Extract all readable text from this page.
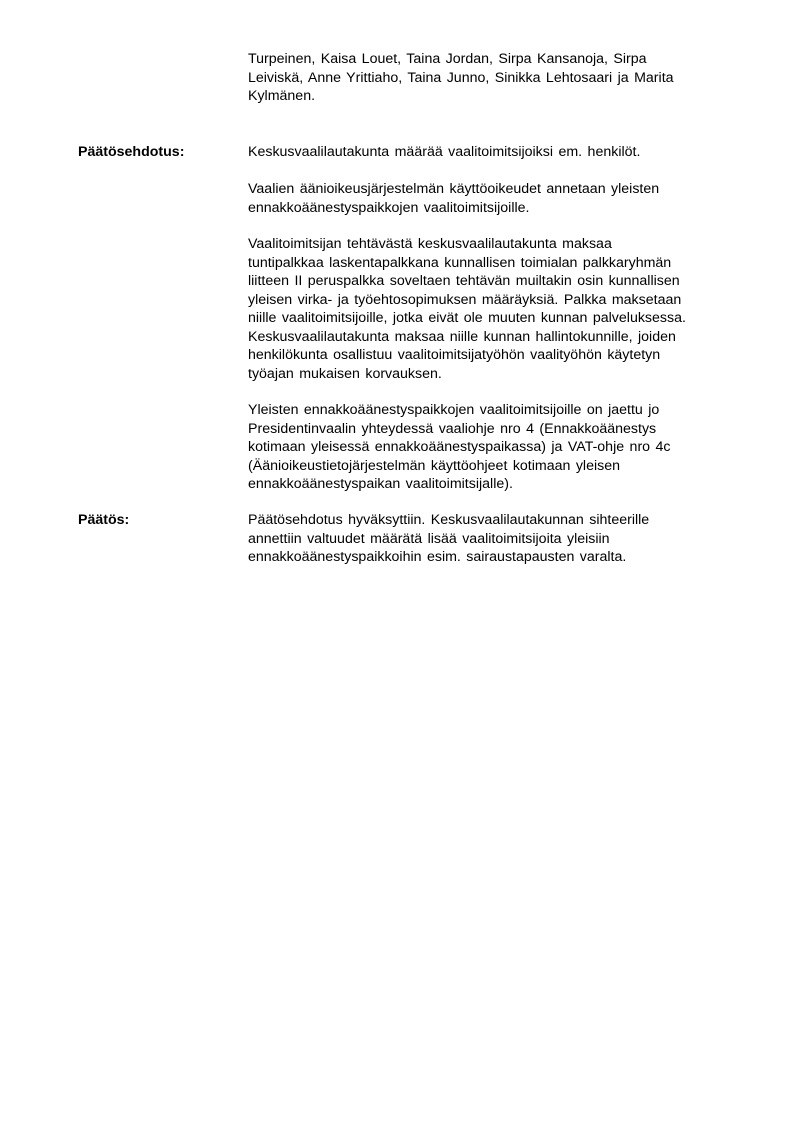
Turpeinen, Kaisa Louet, Taina Jordan, Sirpa Kansanoja, Sirpa
Leiviskä, Anne Yrittiaho, Taina Junno, Sinikka Lehtosaari ja Marita
Kylmänen.
Päätösehdotus:	Keskusvaalilautakunta määrää vaalitoimitsijoiksi em. henkilöt.
Vaalien äänioikeusjärjestelmän käyttöoikeudet annetaan yleisten
ennakkoäänestyspaikkojen vaalitoimitsijoille.
Vaalitoimitsijan tehtävästä keskusvaalilautakunta maksaa
tuntipalkkaa laskentapalkkana kunnallisen toimialan palkkaryhmän
liitteen II peruspalkka soveltaen tehtävän muiltakin osin kunnallisen
yleisen virka- ja työehtosopimuksen määräyksiä. Palkka maksetaan
niille vaalitoimitsijoille, jotka eivät ole muuten kunnan palveluksessa.
Keskusvaalilautakunta maksaa niille kunnan hallintokunnille, joiden
henkilökunta osallistuu vaalitoimitsijatyöhön vaalityöhön käytetyn
työajan mukaisen korvauksen.
Yleisten ennakkoäänestyspaikkojen vaalitoimitsijoille on jaettu jo
Presidentinvaalin yhteydessä vaaliohje nro 4 (Ennakkoäänestys
kotimaan yleisessä ennakkoäänestyspaikassa) ja VAT-ohje nro 4c
(Äänioikeustietojärjestelmän käyttöohjeet kotimaan yleisen
ennakkoäänestyspaikan vaalitoimitsijalle).
Päätös:	Päätösehdotus hyväksyttiin. Keskusvaalilautakunnan sihteerille
annettiin valtuudet määrätä lisää vaalitoimitsijoita yleisiin
ennakkoäänestyspaikkoihin esim. sairaustapausten varalta.
